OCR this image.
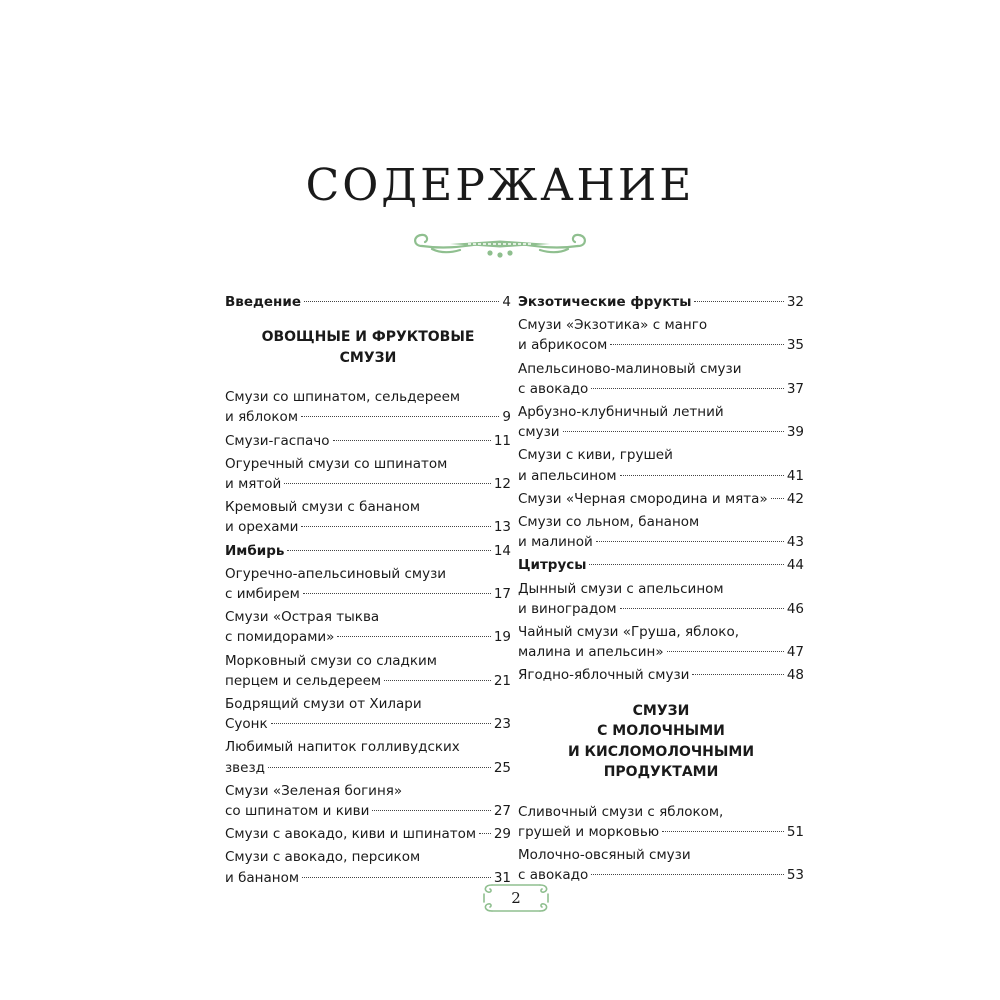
СОДЕРЖАНИЕ
Введение	4
ОВОЩНЫЕ И ФРУКТОВЫЕ
СМУЗИ
Смузи со шпинатом, сельдереем
и яблоком	9
Смузи-гаспачо	11
Огуречный смузи со шпинатом
и мятой	12
Кремовый смузи с бананом
и орехами	13
Имбирь	14
Огуречно-апельсиновый смузи
с имбирем	17
Смузи «Острая тыква
с помидорами»	19
Морковный смузи со сладким
перцем и сельдереем	21
Бодрящий смузи от Хилари
Суонк	23
Любимый напиток голливудских
звезд	25
Смузи «Зеленая богиня»
со шпинатом и киви	27
Смузи с авокадо, киви и шпинатом 29
Смузи с авокадо, персиком
и бананом	31
Экзотические фрукты	32
Смузи «Экзотика» с манго
и абрикосом	35
Апельсиново-малиновый смузи
с авокадо	37
Арбузно-клубничный летний
смузи	39
Смузи с киви, грушей
и апельсином	41
Смузи «Черная смородина и мята» 42
Смузи со льном, бананом
и малиной	43
Цитрусы	44
Дынный смузи с апельсином
и виноградом	46
Чайный смузи «Груша, яблоко,
малина и апельсин»	47
Ягодно-яблочный смузи	48
СМУЗИ
С МОЛОЧНЫМИ
И КИСЛОМОЛОЧНЫМИ
ПРОДУКТАМИ
Сливочный смузи с яблоком,
грушей и морковью	51
Молочно-овсяный смузи
с авокадо	53
2
